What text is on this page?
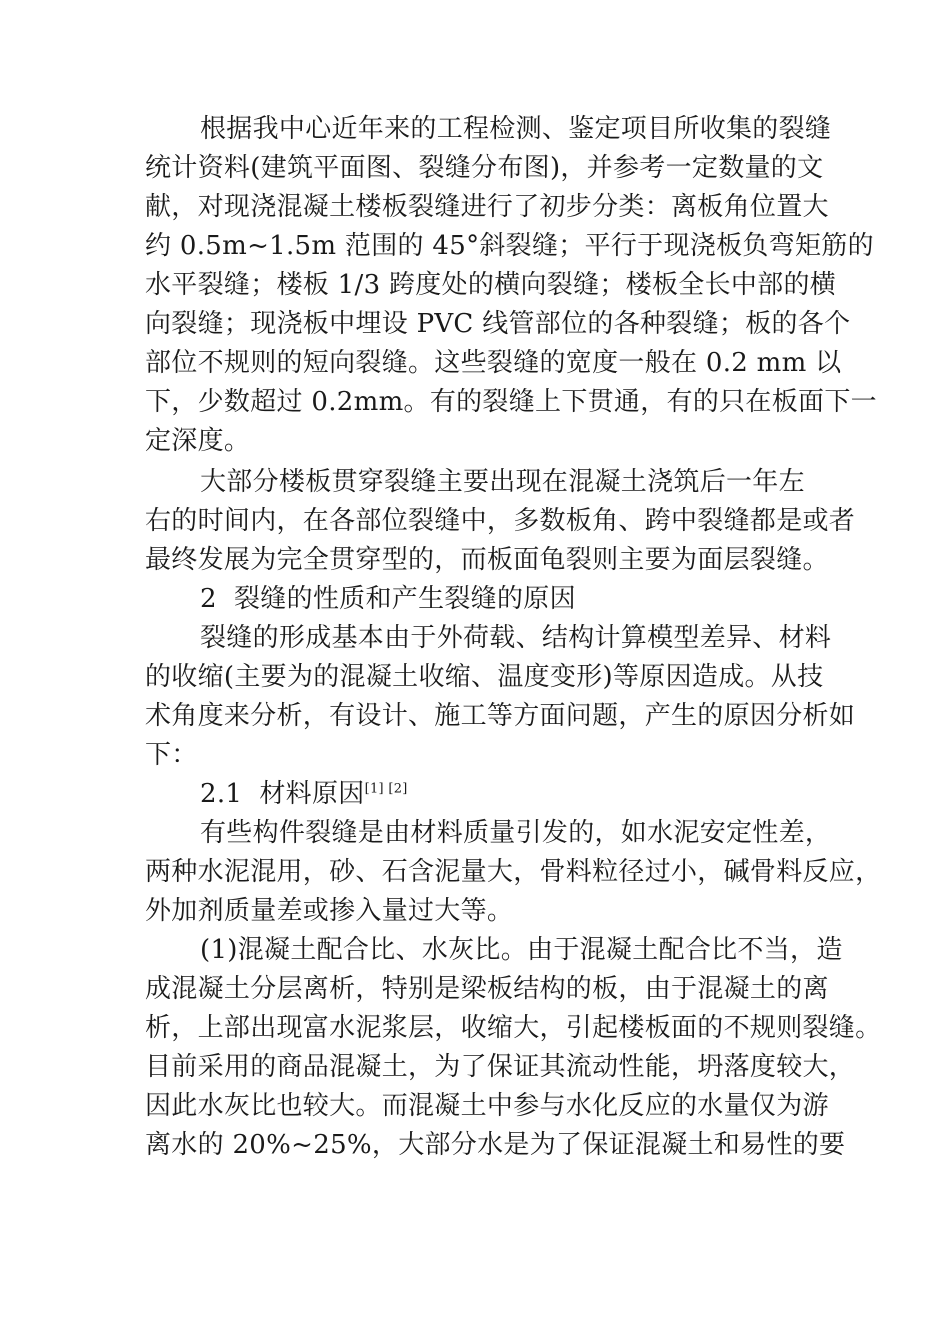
根据我中心近年来的工程检测、鉴定项目所收集的裂缝
统计资料(建筑平面图、裂缝分布图)，并参考一定数量的文
献，对现浇混凝土楼板裂缝进行了初步分类：离板角位置大
约 0.5m~1.5m 范围的 45°斜裂缝；平行于现浇板负弯矩筋的
水平裂缝；楼板 1/3 跨度处的横向裂缝；楼板全长中部的横
向裂缝；现浇板中埋设 PVC 线管部位的各种裂缝；板的各个
部位不规则的短向裂缝。这些裂缝的宽度一般在 0.2 mm 以
下，少数超过 0.2mm。有的裂缝上下贯通，有的只在板面下一
定深度。
大部分楼板贯穿裂缝主要出现在混凝土浇筑后一年左
右的时间内，在各部位裂缝中，多数板角、跨中裂缝都是或者
最终发展为完全贯穿型的，而板面龟裂则主要为面层裂缝。
2  裂缝的性质和产生裂缝的原因
裂缝的形成基本由于外荷载、结构计算模型差异、材料
的收缩(主要为的混凝土收缩、温度变形)等原因造成。从技
术角度来分析，有设计、施工等方面问题，产生的原因分析如
下：
2.1  材料原因[1] [2]
有些构件裂缝是由材料质量引发的，如水泥安定性差，
两种水泥混用，砂、石含泥量大，骨料粒径过小，碱骨料反应，
外加剂质量差或掺入量过大等。
(1)混凝土配合比、水灰比。由于混凝土配合比不当，造
成混凝土分层离析，特别是梁板结构的板，由于混凝土的离
析，上部出现富水泥浆层，收缩大，引起楼板面的不规则裂缝。
目前采用的商品混凝土，为了保证其流动性能，坍落度较大，
因此水灰比也较大。而混凝土中参与水化反应的水量仅为游
离水的 20%~25%，大部分水是为了保证混凝土和易性的要
